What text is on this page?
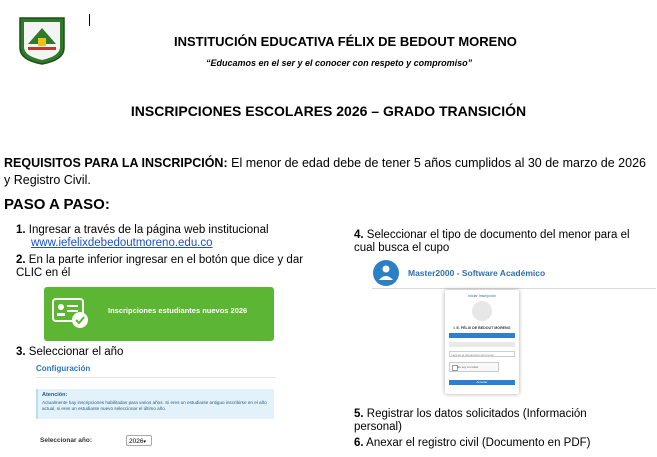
INSTITUCIÓN EDUCATIVA FÉLIX DE BEDOUT MORENO
“Educamos en el ser y el conocer con respeto y compromiso”
INSCRIPCIONES ESCOLARES 2026 – GRADO TRANSICIÓN
REQUISITOS PARA LA INSCRIPCIÓN: El menor de edad debe de tener 5 años cumplidos al 30 de marzo de 2026 y Registro Civil.
PASO A PASO:
1. Ingresar a través de la página web institucional
www.iefelixdebedoutmoreno.edu.co
2. En la parte inferior ingresar en el botón que dice y dar CLIC en él
Inscripciones estudiantes nuevos 2026
3. Seleccionar el año
Configuración
Atención:
Actualmente hay inscripciones habilitadas para varios años. Si eres un estudiante antiguo inscribirse en el año actual, si eres un estudiante nuevo seleccionar el último año.
Seleccionar año:	2026▾
4. Seleccionar el tipo de documento del menor para el cual busca el cupo
Master2000 - Software Académico
Iniciar Inscripción
I. E. FÉLIX DE BEDOUT MORENO
Ingrese el documento del menor
No soy un robot
Acceder
5. Registrar los datos solicitados (Información personal)
6. Anexar el registro civil (Documento en PDF)
